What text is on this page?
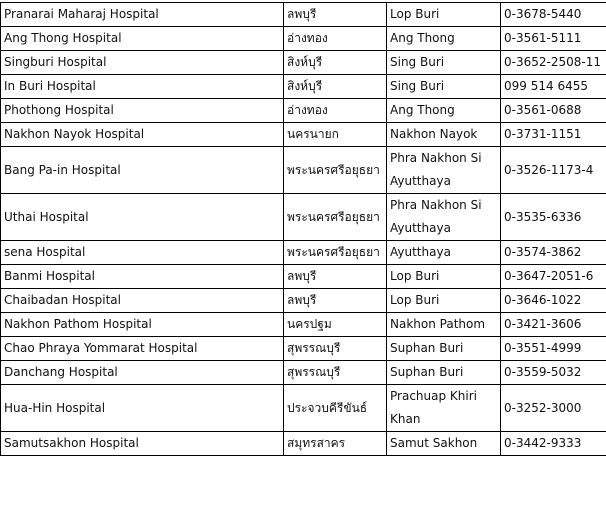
Pranarai Maharaj Hospital	ลพบุรี	Lop Buri	0-3678-5440
Ang Thong Hospital	อ่างทอง	Ang Thong	0-3561-5111
Singburi Hospital	สิงห์บุรี	Sing Buri	0-3652-2508-11
In Buri Hospital	สิงห์บุรี	Sing Buri	099 514 6455
Phothong Hospital	อ่างทอง	Ang Thong	0-3561-0688
Nakhon Nayok Hospital	นครนายก	Nakhon Nayok	0-3731-1151
Bang Pa-in Hospital	พระนครศรีอยุธยา	Phra Nakhon Si Ayutthaya	0-3526-1173-4
Uthai Hospital	พระนครศรีอยุธยา	Phra Nakhon Si Ayutthaya	0-3535-6336
sena Hospital	พระนครศรีอยุธยา	Ayutthaya	0-3574-3862
Banmi Hospital	ลพบุรี	Lop Buri	0-3647-2051-6
Chaibadan Hospital	ลพบุรี	Lop Buri	0-3646-1022
Nakhon Pathom Hospital	นครปฐม	Nakhon Pathom	0-3421-3606
Chao Phraya Yommarat Hospital	สุพรรณบุรี	Suphan Buri	0-3551-4999
Danchang Hospital	สุพรรณบุรี	Suphan Buri	0-3559-5032
Hua-Hin Hospital	ประจวบคีรีขันธ์	Prachuap Khiri Khan	0-3252-3000
Samutsakhon Hospital	สมุทรสาคร	Samut Sakhon	0-3442-9333
